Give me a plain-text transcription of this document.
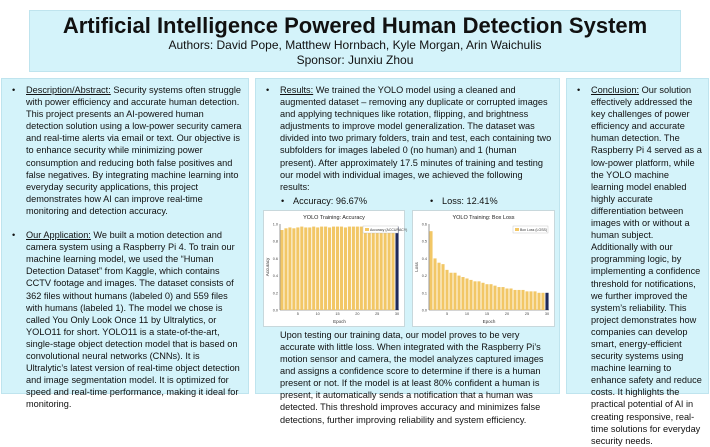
Artificial Intelligence Powered Human Detection System
Authors: David Pope, Matthew Hornbach, Kyle Morgan, Arin Waichulis
Sponsor: Junxiu Zhou

• Description/Abstract: Security systems often struggle with power efficiency and accurate human detection. This project presents an AI-powered human detection solution using a low-power security camera and real-time alerts via email or text. Our objective is to enhance security while minimizing power consumption and reducing both false positives and false negatives. By integrating machine learning into everyday security applications, this project demonstrates how AI can improve real-time monitoring and detection accuracy.

• Our Application: We built a motion detection and camera system using a Raspberry Pi 4. To train our machine learning model, we used the “Human Detection Dataset” from Kaggle, which contains CCTV footage and images. The dataset consists of 362 files without humans (labeled 0) and 559 files with humans (labeled 1). The model we chose is called You Only Look Once 11 by Ultralytics, or YOLO11 for short. YOLO11 is a state-of-the-art, single-stage object detection model that is based on convolutional neural networks (CNNs). It is Ultralytic’s latest version of real-time object detection and image segmentation model. It is optimized for speed and real-time performance, making it ideal for monitoring.

• Results: We trained the YOLO model using a cleaned and augmented dataset – removing any duplicate or corrupted images and applying techniques like rotation, flipping, and brightness adjustments to improve model generalization. The dataset was divided into two primary folders, train and test, each containing two subfolders for images labeled 0 (no human) and 1 (human present). After approximately 17.5 minutes of training and testing our model with individual images, we achieved the following results:

• Accuracy: 96.67%
•	Loss: 12.41%
YOLO Training: Accuracy
0.0
0.2
0.4
0.6
0.8
1.0
5	10	15	20	25	30
Epoch
Accuracy
Accuracy (ACCURACY)
YOLO Training: Box Loss
0.0
0.1
0.2
0.4
0.5
0.6
5	10	15	20	25	30
Epoch
Loss
Box Loss (LOSS)

Upon testing our training data, our model proves to be very accurate with little loss. When integrated with the Raspberry Pi’s motion sensor and camera, the model analyzes captured images and assigns a confidence score to determine if there is a human present or not. If the model is at least 80% confident a human is present, it automatically sends a notification that a human was detected. This threshold improves accuracy and minimizes false detections, further improving reliability and system efficiency.

• Conclusion: Our solution effectively addressed the key challenges of power efficiency and accurate human detection. The Raspberry Pi 4 served as a low-power platform, while the YOLO machine learning model enabled highly accurate differentiation between images with or without a human subject. Additionally with our programming logic, by implementing a confidence threshold for notifications, we further improved the system’s reliability. This project demonstrates how companies can develop smart, energy-efficient security systems using machine learning to enhance safety and reduce costs. It highlights the practical potential of AI in creating responsive, real-time solutions for everyday security needs.
